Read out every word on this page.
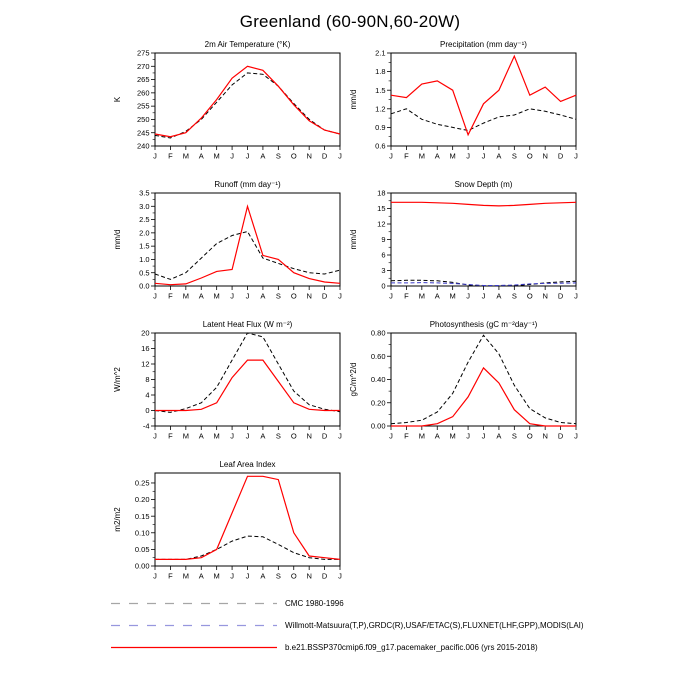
Greenland (60-90N,60-20W)
2m Air Temperature (°K)
K
240
245
250
255
260
265
270
275
J F M A M J J A S O N D J
Precipitation (mm day⁻¹)
mm/d
0.6
0.9
1.2
1.5
1.8
2.1
J F M A M J J A S O N D J
Runoff (mm day⁻¹)
mm/d
0.0
0.5
1.0
1.5
2.0
2.5
3.0
3.5
J F M A M J J A S O N D J
Snow Depth (m)
mm/d
0
3
6
9
12
15
18
J F M A M J J A S O N D J
Latent Heat Flux (W m⁻²)
W/m^2
-4
0
4
8
12
16
20
J F M A M J J A S O N D J
Photosynthesis (gC m⁻²day⁻¹)
gC/m^2/d
0.00
0.20
0.40
0.60
0.80
J F M A M J J A S O N D J
Leaf Area Index
m2/m2
0.00
0.05
0.10
0.15
0.20
0.25
J F M A M J J A S O N D J
CMC 1980-1996
Willmott-Matsuura(T,P),GRDC(R),USAF/ETAC(S),FLUXNET(LHF,GPP),MODIS(LAI)
b.e21.BSSP370cmip6.f09_g17.pacemaker_pacific.006 (yrs 2015-2018)
